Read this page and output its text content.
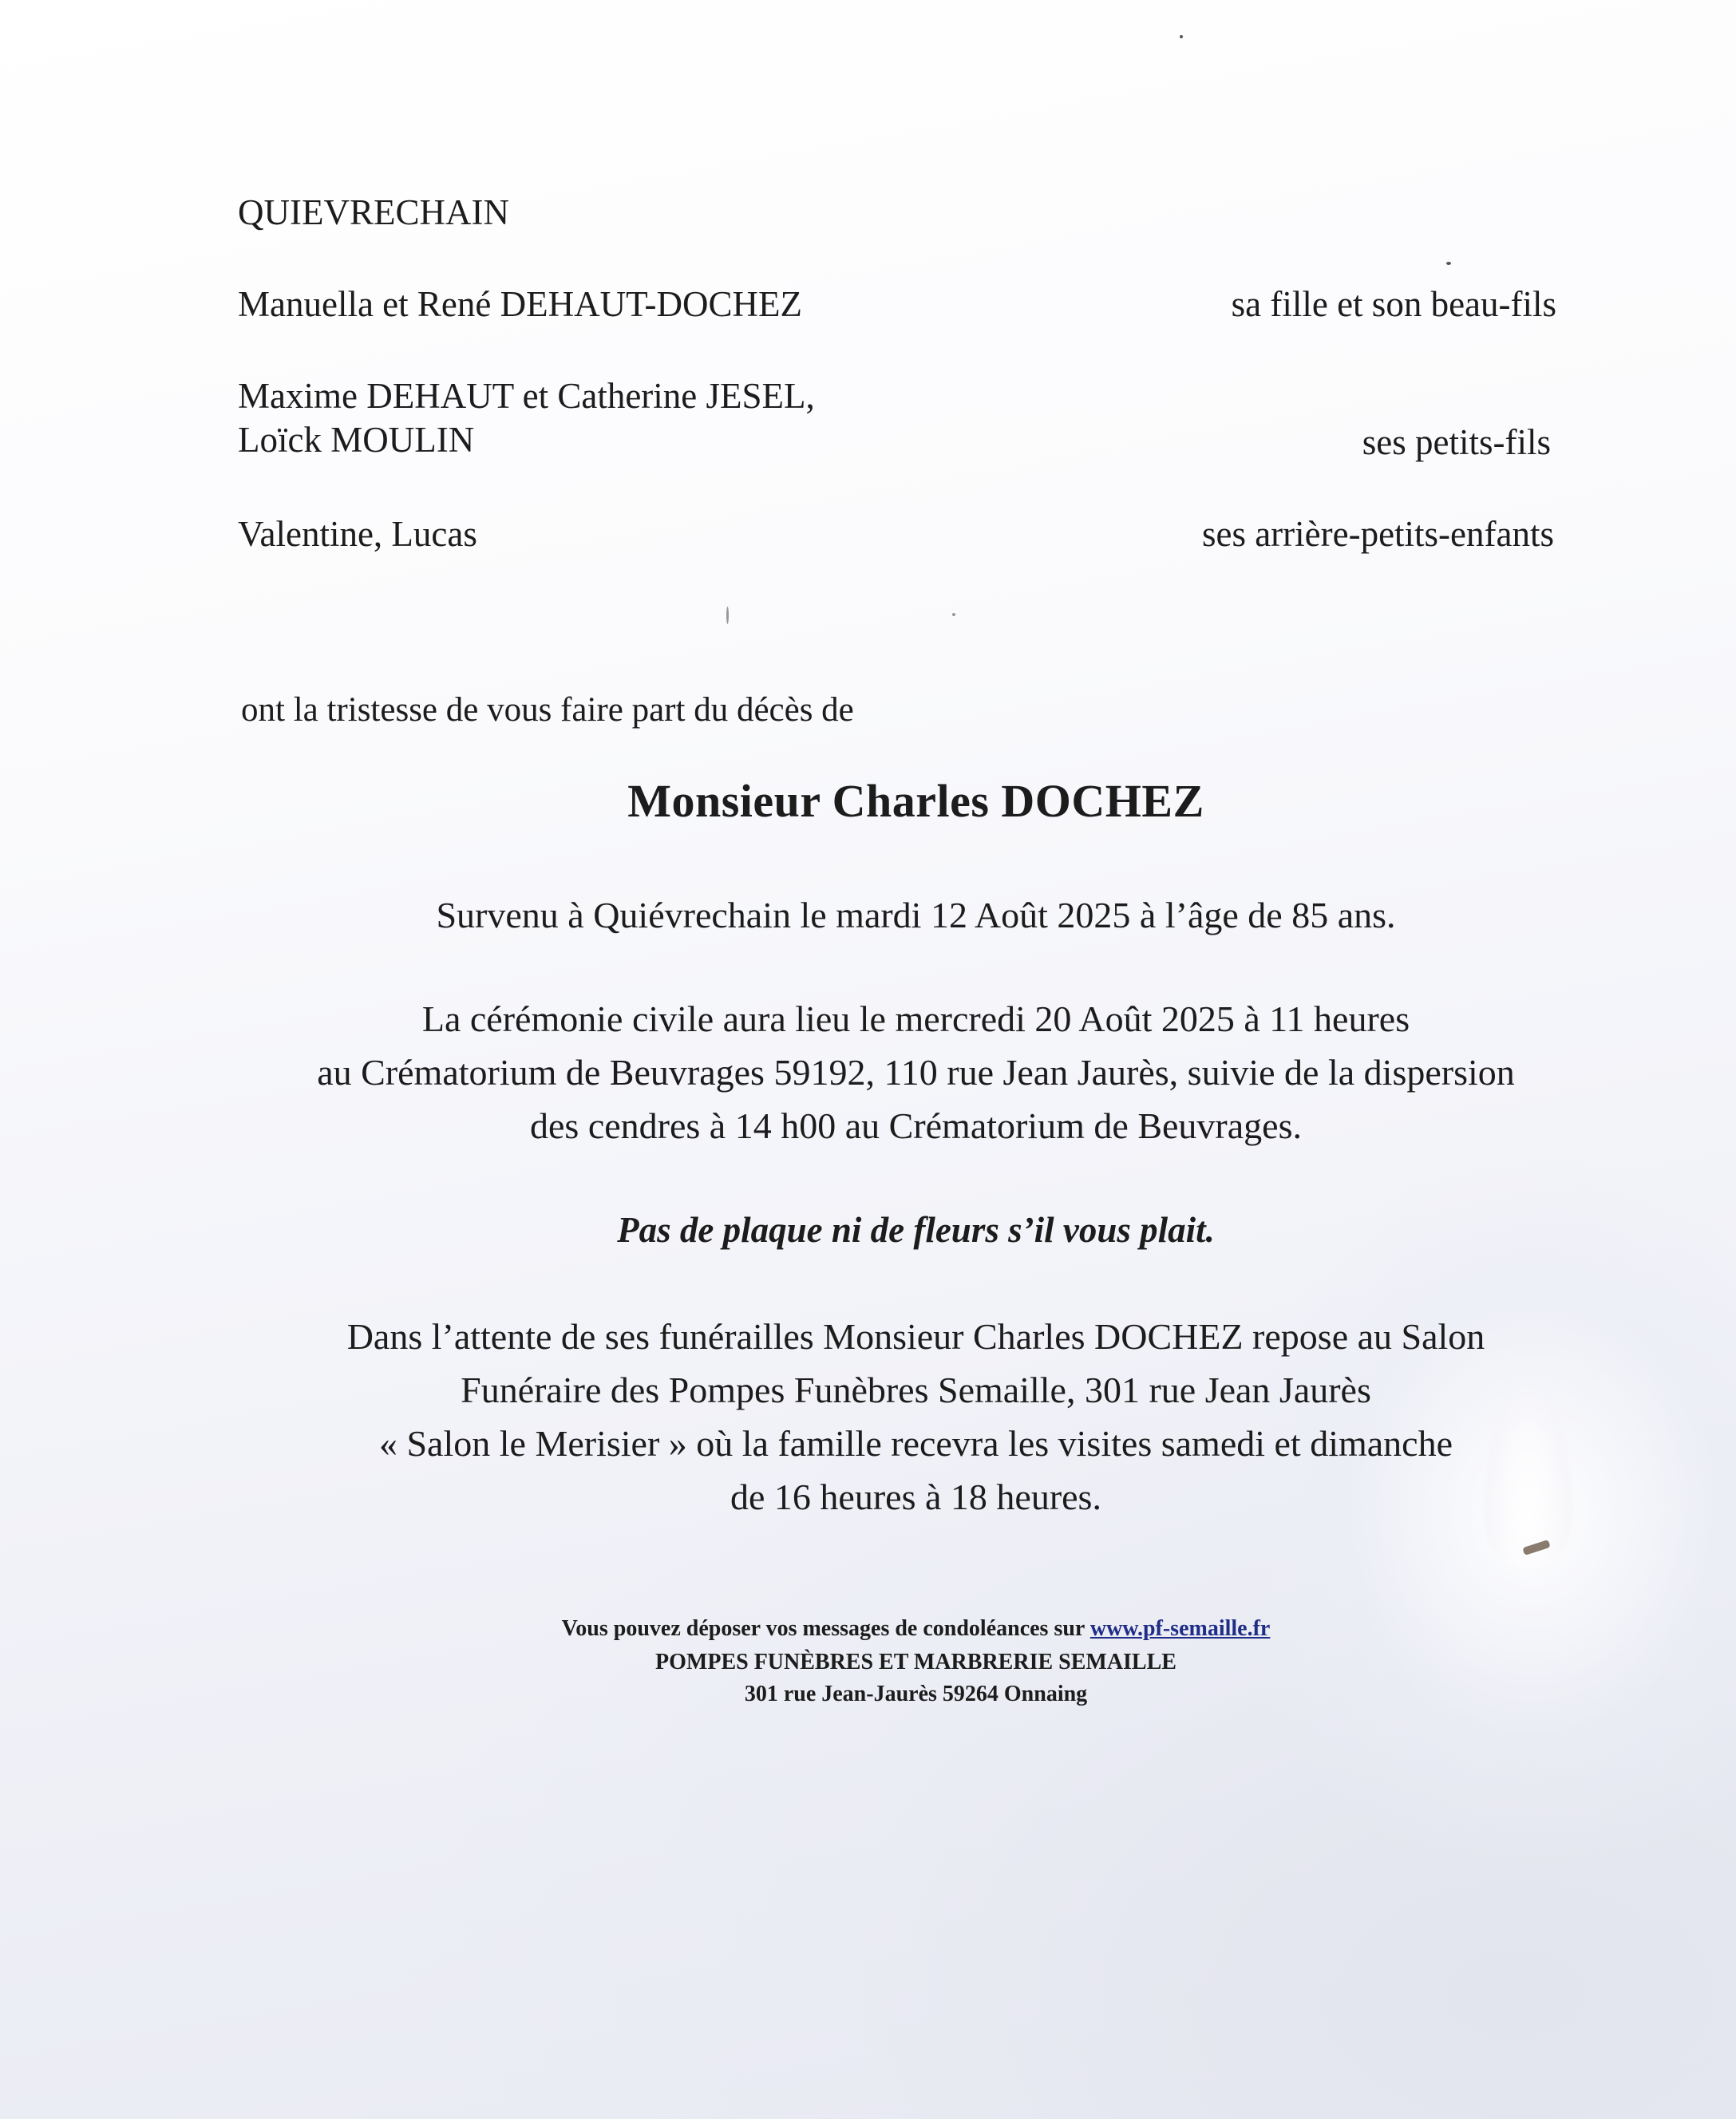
QUIEVRECHAIN
Manuella et René DEHAUT-DOCHEZ	sa fille et son beau-fils
Maxime DEHAUT et Catherine JESEL,
Loïck MOULIN	ses petits-fils
Valentine, Lucas	ses arrière-petits-enfants
ont la tristesse de vous faire part du décès de
Monsieur Charles DOCHEZ
Survenu à Quiévrechain le mardi 12 Août 2025 à l’âge de 85 ans.
La cérémonie civile aura lieu le mercredi 20 Août 2025 à 11 heures
au Crématorium de Beuvrages 59192, 110 rue Jean Jaurès, suivie de la dispersion
des cendres à 14 h00 au Crématorium de Beuvrages.
Pas de plaque ni de fleurs s’il vous plait.
Dans l’attente de ses funérailles Monsieur Charles DOCHEZ repose au Salon
Funéraire des Pompes Funèbres Semaille, 301 rue Jean Jaurès
« Salon le Merisier » où la famille recevra les visites samedi et dimanche
de 16 heures à 18 heures.
Vous pouvez déposer vos messages de condoléances sur www.pf-semaille.fr
POMPES FUNÈBRES ET MARBRERIE SEMAILLE
301 rue Jean-Jaurès 59264 Onnaing
